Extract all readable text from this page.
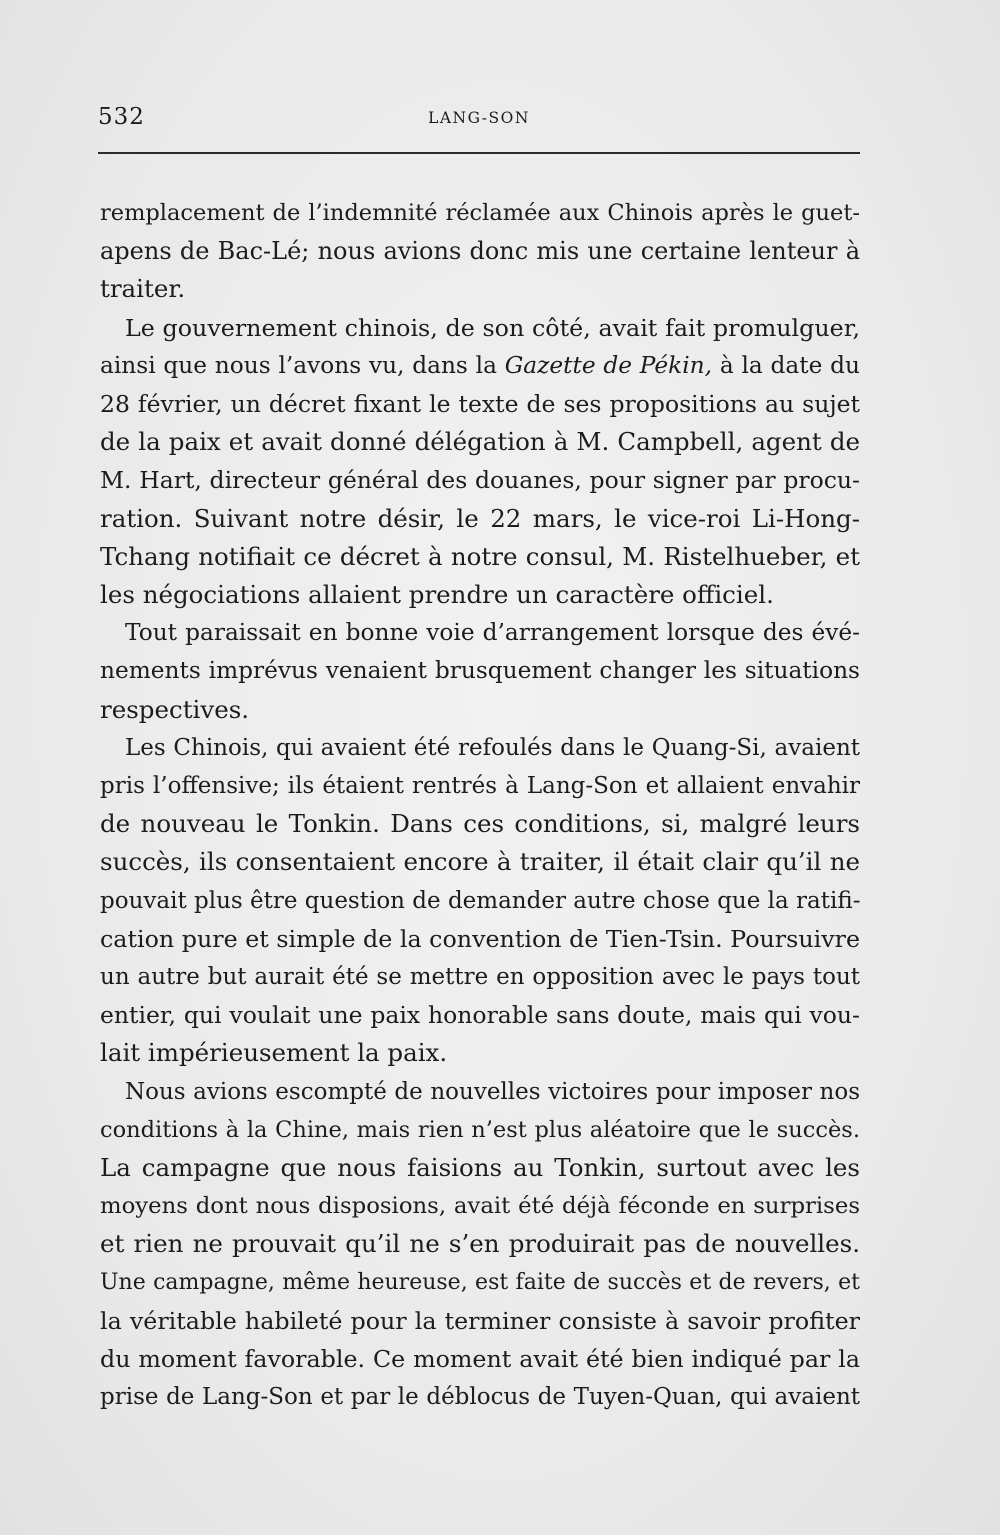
532	LANG-SON
remplacement de l’indemnité réclamée aux Chinois après le guet-
apens de Bac-Lé; nous avions donc mis une certaine lenteur à
traiter.
Le gouvernement chinois, de son côté, avait fait promulguer,
ainsi que nous l’avons vu, dans la Gazette de Pékin, à la date du
28 février, un décret fixant le texte de ses propositions au sujet
de la paix et avait donné délégation à M. Campbell, agent de
M. Hart, directeur général des douanes, pour signer par procu-
ration. Suivant notre désir, le 22 mars, le vice-roi Li-Hong-
Tchang notifiait ce décret à notre consul, M. Ristelhueber, et
les négociations allaient prendre un caractère officiel.
Tout paraissait en bonne voie d’arrangement lorsque des évé-
nements imprévus venaient brusquement changer les situations
respectives.
Les Chinois, qui avaient été refoulés dans le Quang-Si, avaient
pris l’offensive; ils étaient rentrés à Lang-Son et allaient envahir
de nouveau le Tonkin. Dans ces conditions, si, malgré leurs
succès, ils consentaient encore à traiter, il était clair qu’il ne
pouvait plus être question de demander autre chose que la ratifi-
cation pure et simple de la convention de Tien-Tsin. Poursuivre
un autre but aurait été se mettre en opposition avec le pays tout
entier, qui voulait une paix honorable sans doute, mais qui vou-
lait impérieusement la paix.
Nous avions escompté de nouvelles victoires pour imposer nos
conditions à la Chine, mais rien n’est plus aléatoire que le succès.
La campagne que nous faisions au Tonkin, surtout avec les
moyens dont nous disposions, avait été déjà féconde en surprises
et rien ne prouvait qu’il ne s’en produirait pas de nouvelles.
Une campagne, même heureuse, est faite de succès et de revers, et
la véritable habileté pour la terminer consiste à savoir profiter
du moment favorable. Ce moment avait été bien indiqué par la
prise de Lang-Son et par le déblocus de Tuyen-Quan, qui avaient
